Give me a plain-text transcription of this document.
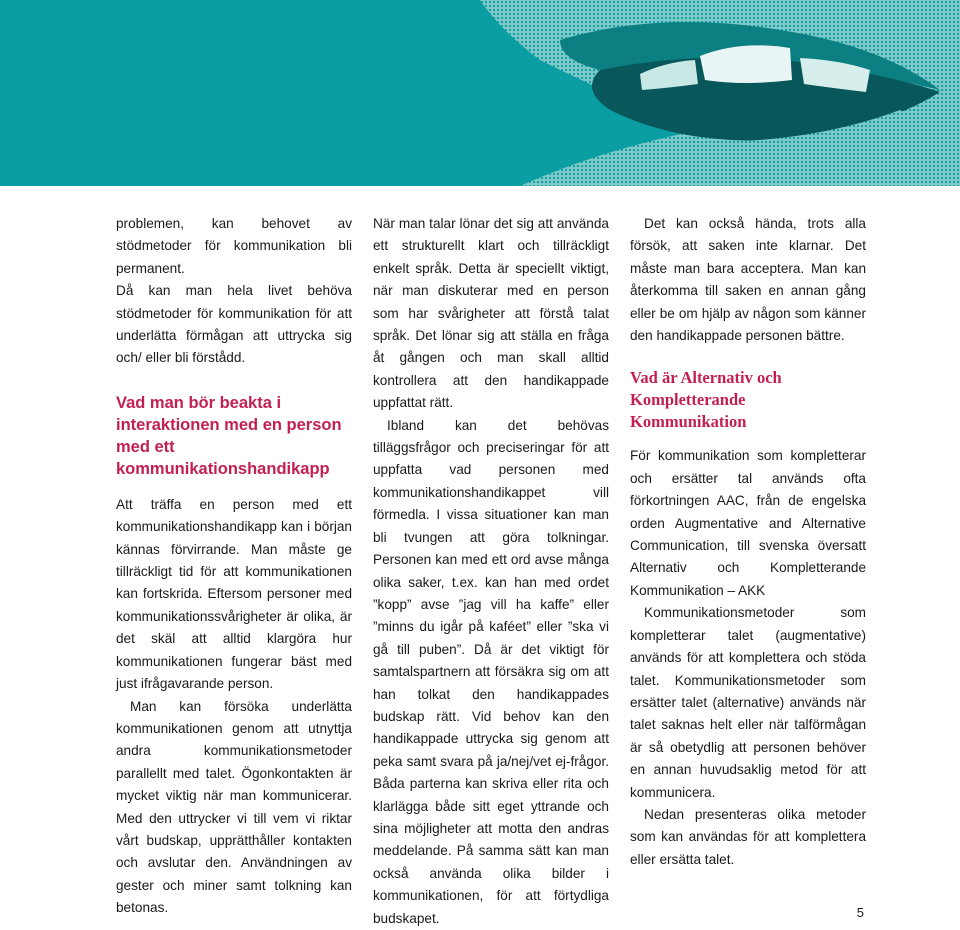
problemen, kan behovet av stödmetoder för kommunikation bli permanent.

Då kan man hela livet behöva stödmetoder för kommunikation för att underlätta förmågan att uttrycka sig och/ eller bli förstådd.

Vad man bör beakta i interaktionen med en person med ett kommunikationshandikapp

Att träffa en person med ett kommunikationshandikapp kan i början kännas förvirrande. Man måste ge tillräckligt tid för att kommunikationen kan fortskrida. Eftersom personer med kommunikationssvårigheter är olika, är det skäl att alltid klargöra hur kommunikationen fungerar bäst med just ifrågavarande person.

Man kan försöka underlätta kommunikationen genom att utnyttja andra kommunikationsmetoder parallellt med talet. Ögonkontakten är mycket viktig när man kommunicerar. Med den uttrycker vi till vem vi riktar vårt budskap, upprätthåller kontakten och avslutar den. Användningen av gester och miner samt tolkning kan betonas.

När man talar lönar det sig att använda ett strukturellt klart och tillräckligt enkelt språk. Detta är speciellt viktigt, när man diskuterar med en person som har svårigheter att förstå talat språk. Det lönar sig att ställa en fråga åt gången och man skall alltid kontrollera att den handikappade uppfattat rätt.

Ibland kan det behövas tilläggsfrågor och preciseringar för att uppfatta vad personen med kommunikationshandikappet vill förmedla. I vissa situationer kan man bli tvungen att göra tolkningar. Personen kan med ett ord avse många olika saker, t.ex. kan han med ordet ”kopp” avse ”jag vill ha kaffe” eller ”minns du igår på kaféet” eller ”ska vi gå till puben”. Då är det viktigt för samtalspartnern att försäkra sig om att han tolkat den handikappades budskap rätt. Vid behov kan den handikappade uttrycka sig genom att peka samt svara på ja/nej/vet ej-frågor. Båda parterna kan skriva eller rita och klarlägga både sitt eget yttrande och sina möjligheter att motta den andras meddelande. På samma sätt kan man också använda olika bilder i kommunikationen, för att förtydliga budskapet.

Det kan också hända, trots alla försök, att saken inte klarnar. Det måste man bara acceptera. Man kan återkomma till saken en annan gång eller be om hjälp av någon som känner den handikappade personen bättre.

Vad är Alternativ och Kompletterande Kommunikation

För kommunikation som kompletterar och ersätter tal används ofta förkortningen AAC, från de engelska orden Augmentative and Alternative Communication, till svenska översatt Alternativ och Kompletterande Kommunikation – AKK

Kommunikationsmetoder som kompletterar talet (augmentative) används för att komplettera och stöda talet. Kommunikationsmetoder som ersätter talet (alternative) används när talet saknas helt eller när talförmågan är så obetydlig att personen behöver en annan huvudsaklig metod för att kommunicera.

Nedan presenteras olika metoder som kan användas för att komplettera eller ersätta talet.

5
